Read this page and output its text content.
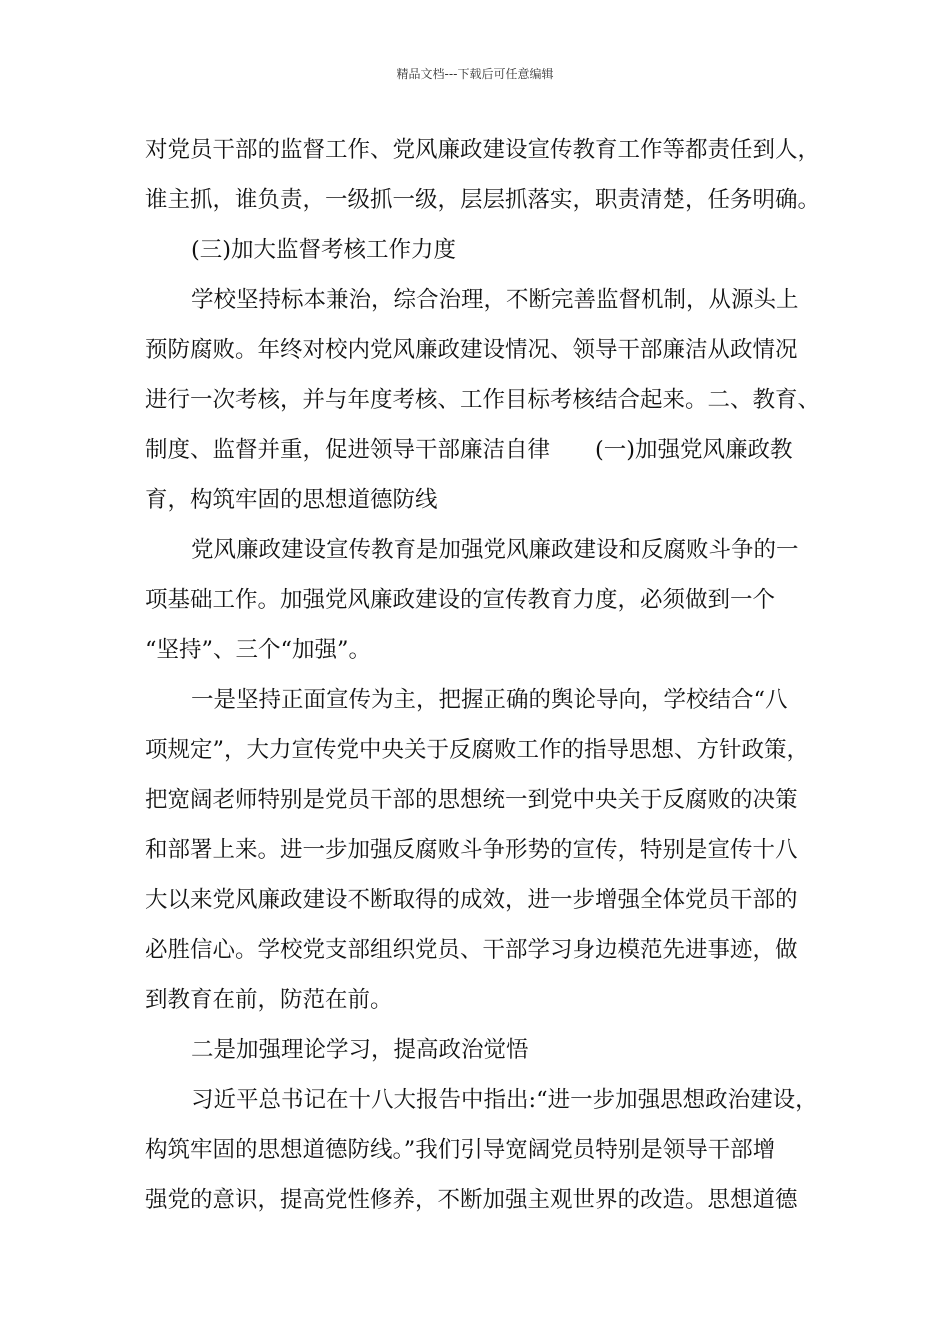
精品文档---下载后可任意编辑
对党员干部的监督工作、党风廉政建设宣传教育工作等都责任到人，
谁主抓，谁负责，一级抓一级，层层抓落实，职责清楚，任务明确。
(三)加大监督考核工作力度
学校坚持标本兼治，综合治理，不断完善监督机制，从源头上
预防腐败。年终对校内党风廉政建设情况、领导干部廉洁从政情况
进行一次考核，并与年度考核、工作目标考核结合起来。二、教育、
制度、监督并重，促进领导干部廉洁自律　　(一)加强党风廉政教
育，构筑牢固的思想道德防线
党风廉政建设宣传教育是加强党风廉政建设和反腐败斗争的一
项基础工作。加强党风廉政建设的宣传教育力度，必须做到一个
“坚持”、三个“加强”。
一是坚持正面宣传为主，把握正确的舆论导向，学校结合“八
项规定”，大力宣传党中央关于反腐败工作的指导思想、方针政策，
把宽阔老师特别是党员干部的思想统一到党中央关于反腐败的决策
和部署上来。进一步加强反腐败斗争形势的宣传，特别是宣传十八
大以来党风廉政建设不断取得的成效，进一步增强全体党员干部的
必胜信心。学校党支部组织党员、干部学习身边模范先进事迹，做
到教育在前，防范在前。
二是加强理论学习，提高政治觉悟
习近平总书记在十八大报告中指出:“进一步加强思想政治建设，
构筑牢固的思想道德防线。”我们引导宽阔党员特别是领导干部增
强党的意识，提高党性修养，不断加强主观世界的改造。思想道德
